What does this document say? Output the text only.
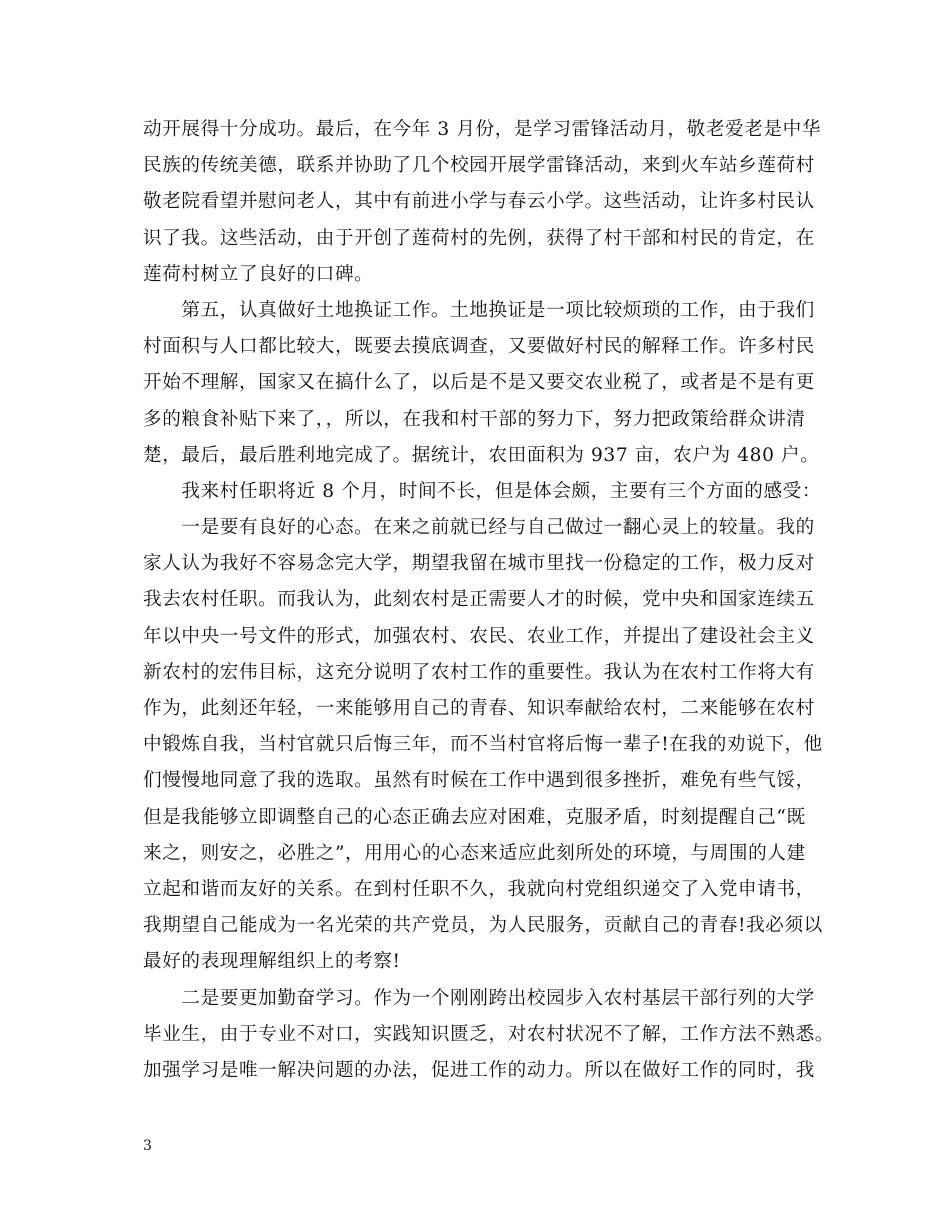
动开展得十分成功。最后，在今年 3 月份，是学习雷锋活动月，敬老爱老是中华
民族的传统美德，联系并协助了几个校园开展学雷锋活动，来到火车站乡莲荷村
敬老院看望并慰问老人，其中有前进小学与春云小学。这些活动，让许多村民认
识了我。这些活动，由于开创了莲荷村的先例，获得了村干部和村民的肯定，在
莲荷村树立了良好的口碑。
　　第五，认真做好土地换证工作。土地换证是一项比较烦琐的工作，由于我们
村面积与人口都比较大，既要去摸底调查，又要做好村民的解释工作。许多村民
开始不理解，国家又在搞什么了，以后是不是又要交农业税了，或者是不是有更
多的粮食补贴下来了，，所以，在我和村干部的努力下，努力把政策给群众讲清
楚，最后，最后胜利地完成了。据统计，农田面积为 937 亩，农户为 480 户。
　　我来村任职将近 8 个月，时间不长，但是体会颇，主要有三个方面的感受：
　　一是要有良好的心态。在来之前就已经与自己做过一翻心灵上的较量。我的
家人认为我好不容易念完大学，期望我留在城市里找一份稳定的工作，极力反对
我去农村任职。而我认为，此刻农村是正需要人才的时候，党中央和国家连续五
年以中央一号文件的形式，加强农村、农民、农业工作，并提出了建设社会主义
新农村的宏伟目标，这充分说明了农村工作的重要性。我认为在农村工作将大有
作为，此刻还年轻，一来能够用自己的青春、知识奉献给农村，二来能够在农村
中锻炼自我，当村官就只后悔三年，而不当村官将后悔一辈子!在我的劝说下，他
们慢慢地同意了我的选取。虽然有时候在工作中遇到很多挫折，难免有些气馁，
但是我能够立即调整自己的心态正确去应对困难，克服矛盾，时刻提醒自己“既
来之，则安之，必胜之”，用用心的心态来适应此刻所处的环境，与周围的人建
立起和谐而友好的关系。在到村任职不久，我就向村党组织递交了入党申请书，
我期望自己能成为一名光荣的共产党员，为人民服务，贡献自己的青春!我必须以
最好的表现理解组织上的考察!
　　二是要更加勤奋学习。作为一个刚刚跨出校园步入农村基层干部行列的大学
毕业生，由于专业不对口，实践知识匮乏，对农村状况不了解，工作方法不熟悉。
加强学习是唯一解决问题的办法，促进工作的动力。所以在做好工作的同时，我
3
